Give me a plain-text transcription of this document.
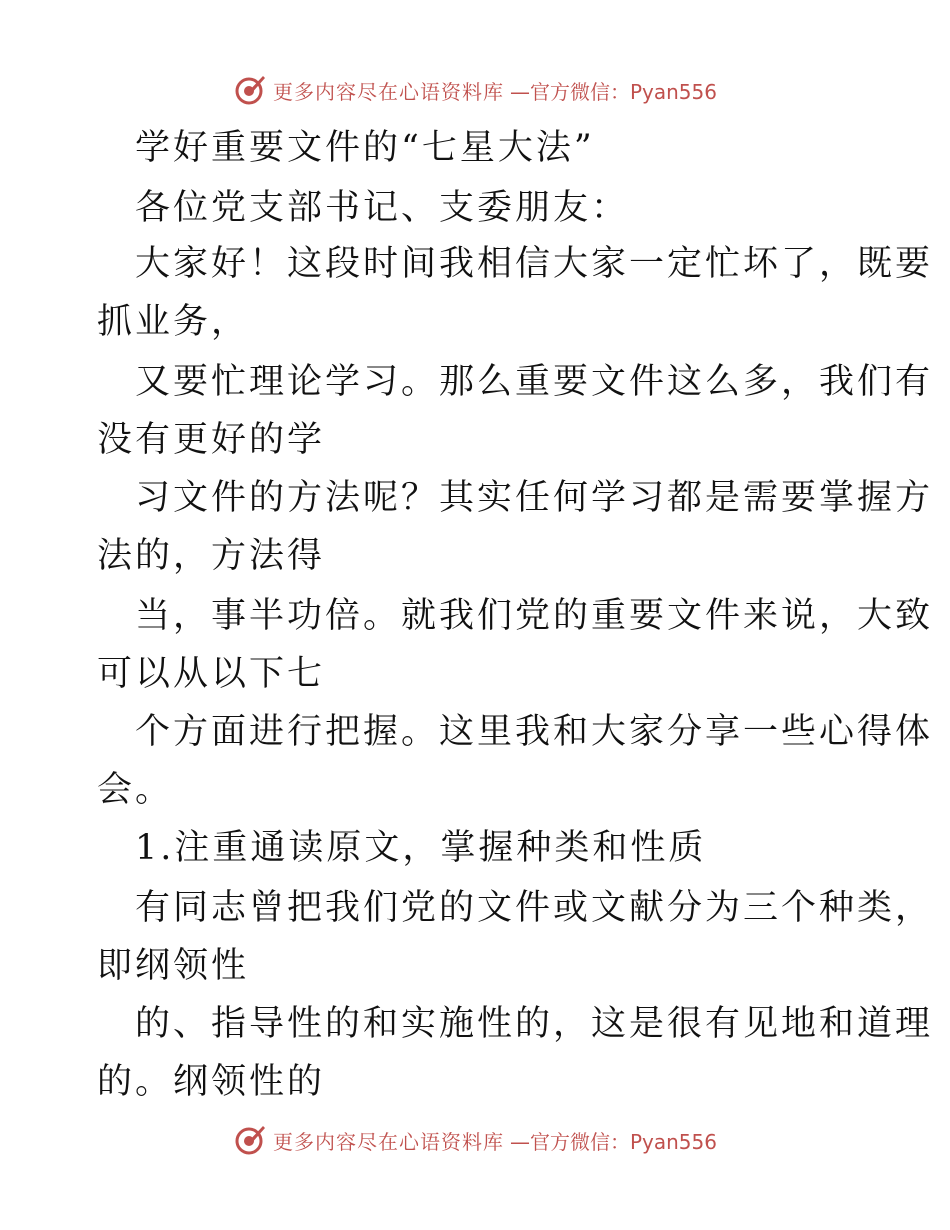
更多内容尽在心语资料库 —官方微信：Pyan556
学好重要文件的“七星大法”
各位党支部书记、支委朋友：
大家好！这段时间我相信大家一定忙坏了，既要
抓业务，
又要忙理论学习。那么重要文件这么多，我们有
没有更好的学
习文件的方法呢？其实任何学习都是需要掌握方
法的，方法得
当，事半功倍。就我们党的重要文件来说，大致
可以从以下七
个方面进行把握。这里我和大家分享一些心得体
会。
1.注重通读原文，掌握种类和性质
有同志曾把我们党的文件或文献分为三个种类，
即纲领性
的、指导性的和实施性的，这是很有见地和道理
的。纲领性的
更多内容尽在心语资料库 —官方微信：Pyan556
